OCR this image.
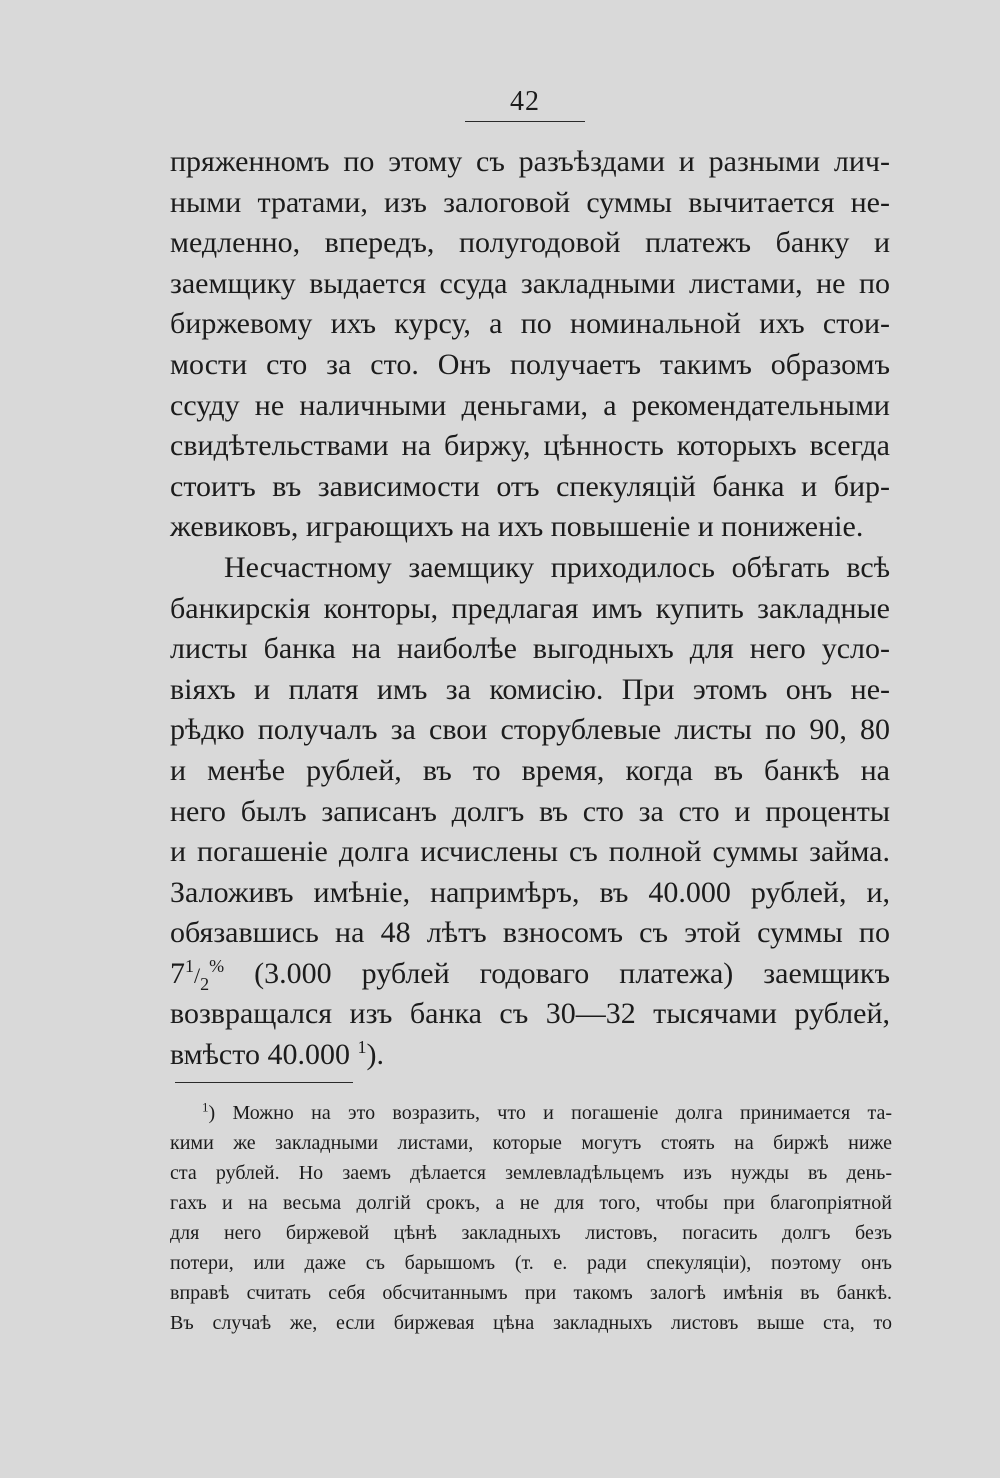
42
пряженномъ по этому съ разъѣздами и разными лич-
ными тратами, изъ залоговой суммы вычитается не-
медленно, впередъ, полугодовой платежъ банку и
заемщику выдается ссуда закладными листами, не по
биржевому ихъ курсу, а по номинальной ихъ стои-
мости сто за сто. Онъ получаетъ такимъ образомъ
ссуду не наличными деньгами, а рекомендательными
свидѣтельствами на биржу, цѣнность которыхъ всегда
стоитъ въ зависимости отъ спекуляцій банка и бир-
жевиковъ, играющихъ на ихъ повышеніе и пониженіе.
Несчастному заемщику приходилось обѣгать всѣ
банкирскія конторы, предлагая имъ купить закладные
листы банка на наиболѣе выгодныхъ для него усло-
віяхъ и платя имъ за комисію. При этомъ онъ не-
рѣдко получалъ за свои сторублевые листы по 90, 80
и менѣе рублей, въ то время, когда въ банкѣ на
него былъ записанъ долгъ въ сто за сто и проценты
и погашеніе долга исчислены съ полной суммы займа.
Заложивъ имѣніе, напримѣръ, въ 40.000 рублей, и,
обязавшись на 48 лѣтъ взносомъ съ этой суммы по
$7^1/_2^{\%}$ (3.000 рублей годоваго платежа) заемщикъ
возвращался изъ банка съ 30—32 тысячами рублей,
вмѣсто 40.000 $^1$).
$^1$) Можно на это возразить, что и погашеніе долга принимается та-
кими же закладными листами, которые могутъ стоять на биржѣ ниже
ста рублей. Но заемъ дѣлается землевладѣльцемъ изъ нужды въ день-
гахъ и на весьма долгій срокъ, а не для того, чтобы при благопріятной
для него биржевой цѣнѣ закладныхъ листовъ, погасить долгъ безъ
потери, или даже съ барышомъ (т. е. ради спекуляціи), поэтому онъ
вправѣ считать себя обсчитаннымъ при такомъ залогѣ имѣнія въ банкѣ.
Въ случаѣ же, если биржевая цѣна закладныхъ листовъ выше ста, то
